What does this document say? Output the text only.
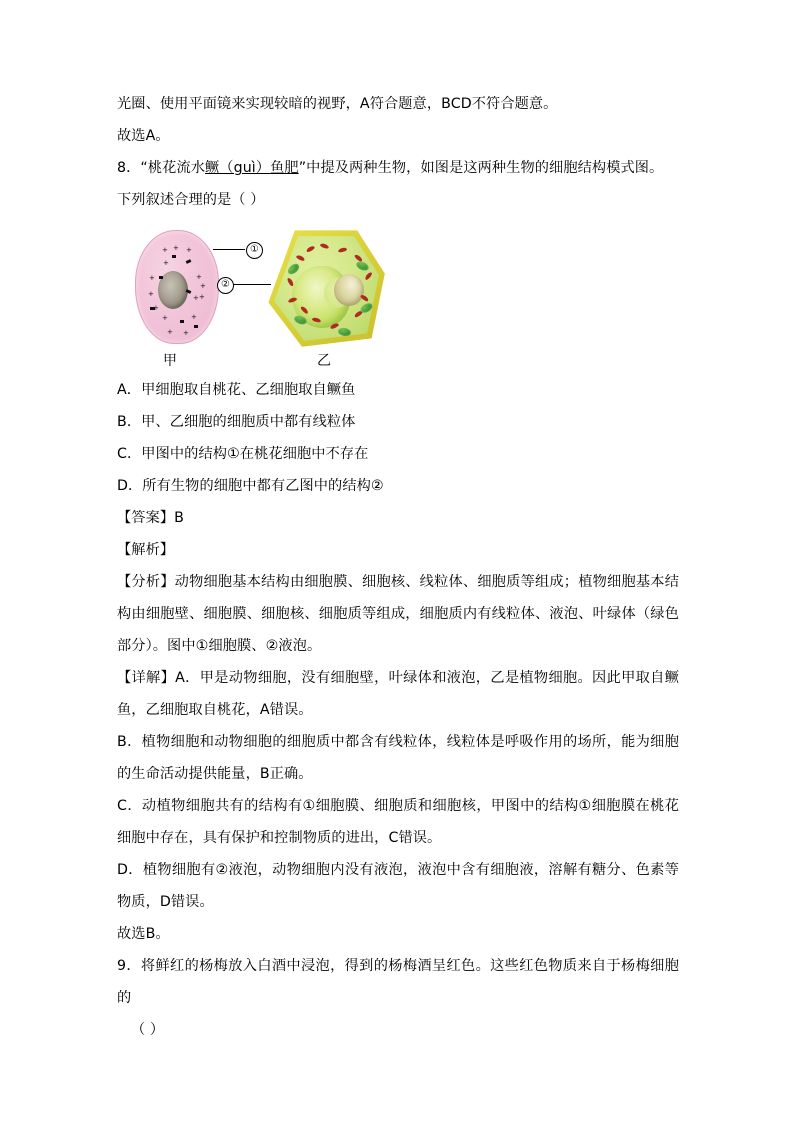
光圈、使用平面镜来实现较暗的视野，A符合题意，BCD不符合题意。

故选A。

8．“桃花流水鳜（guì）鱼肥”中提及两种生物，如图是这两种生物的细胞结构模式图。

下列叙述合理的是（ ）

+ + +
+
+
+
+
+
+ +
+
+	+
+ +
①
②
甲	乙

A．甲细胞取自桃花、乙细胞取自鳜鱼

B．甲、乙细胞的细胞质中都有线粒体

C．甲图中的结构①在桃花细胞中不存在

D．所有生物的细胞中都有乙图中的结构②

【答案】B

【解析】

【分析】动物细胞基本结构由细胞膜、细胞核、线粒体、细胞质等组成；植物细胞基本结构由细胞壁、细胞膜、细胞核、细胞质等组成，细胞质内有线粒体、液泡、叶绿体（绿色部分）。图中①细胞膜、②液泡。

【详解】A．甲是动物细胞，没有细胞壁，叶绿体和液泡，乙是植物细胞。因此甲取自鳜鱼，乙细胞取自桃花，A错误。

B．植物细胞和动物细胞的细胞质中都含有线粒体，线粒体是呼吸作用的场所，能为细胞的生命活动提供能量，B正确。

C．动植物细胞共有的结构有①细胞膜、细胞质和细胞核，甲图中的结构①细胞膜在桃花细胞中存在，具有保护和控制物质的进出，C错误。

D．植物细胞有②液泡，动物细胞内没有液泡，液泡中含有细胞液，溶解有糖分、色素等物质，D错误。

故选B。

9．将鲜红的杨梅放入白酒中浸泡，得到的杨梅酒呈红色。这些红色物质来自于杨梅细胞的

（ ）
